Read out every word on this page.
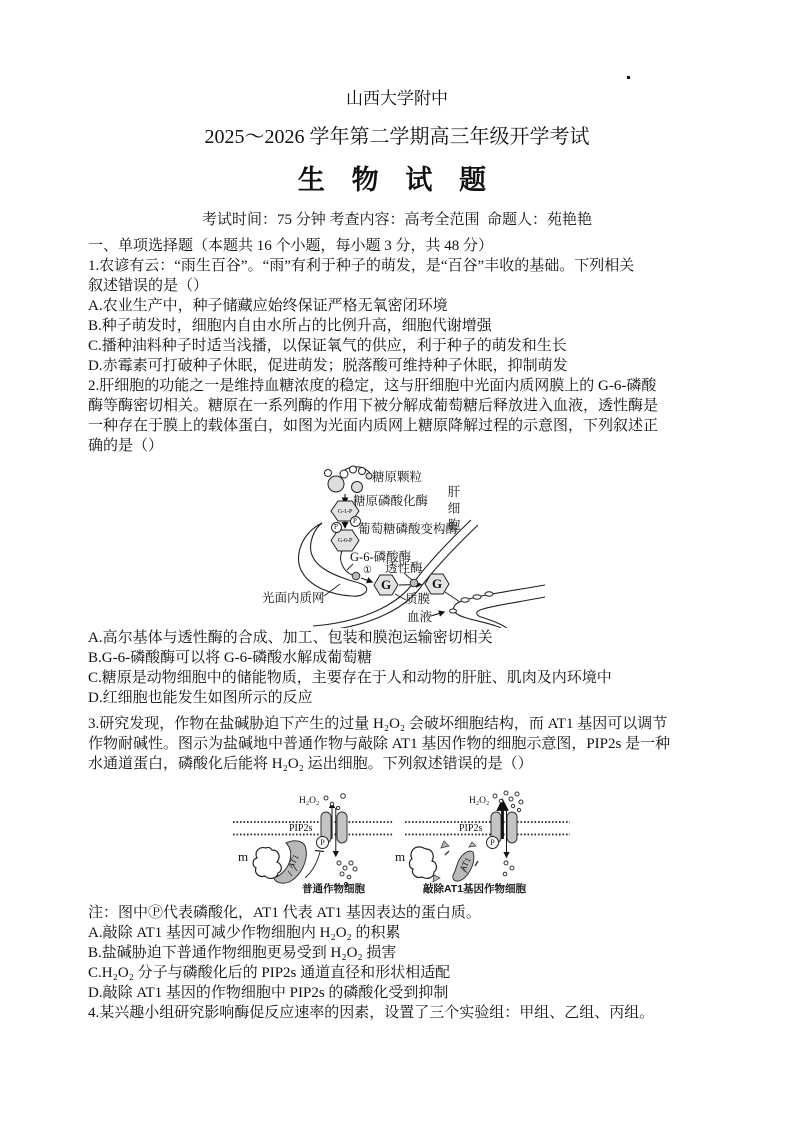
山西大学附中
2025～2026 学年第二学期高三年级开学考试
生 物 试 题
考试时间：75 分钟 考查内容：高考全范围  命题人：苑艳艳
一、单项选择题（本题共 16 个小题，每小题 3 分，共 48 分）
1.农谚有云：“雨生百谷”。“雨”有利于种子的萌发，是“百谷”丰收的基础。下列相关
叙述错误的是（）
A.农业生产中，种子储藏应始终保证严格无氧密闭环境
B.种子萌发时，细胞内自由水所占的比例升高，细胞代谢增强
C.播种油料种子时适当浅播，以保证氧气的供应，利于种子的萌发和生长
D.赤霉素可打破种子休眠，促进萌发；脱落酸可维持种子休眠，抑制萌发
2.肝细胞的功能之一是维持血糖浓度的稳定，这与肝细胞中光面内质网膜上的 G-6-磷酸
酶等酶密切相关。糖原在一系列酶的作用下被分解成葡萄糖后释放进入血液，透性酶是
一种存在于膜上的载体蛋白，如图为光面内质网上糖原降解过程的示意图，下列叙述正
确的是（）
糖原颗粒
糖原磷酸化酶
G-1-P
P
P 葡萄糖磷酸变构酶
G-6-P
G-6-磷酸酶
透性酶
①
G	G
光面内质网	质膜
血液
肝细胞
A.高尔基体与透性酶的合成、加工、包装和膜泡运输密切相关
B.G-6-磷酸酶可以将 G-6-磷酸水解成葡萄糖
C.糖原是动物细胞中的储能物质，主要存在于人和动物的肝脏、肌肉及内环境中
D.红细胞也能发生如图所示的反应
3.研究发现，作物在盐碱胁迫下产生的过量 H₂O₂ 会破坏细胞结构，而 AT1 基因可以调节
作物耐碱性。图示为盐碱地中普通作物与敲除 AT1 基因作物的细胞示意图，PIP2s 是一种
水通道蛋白，磷酸化后能将 H₂O₂ 运出细胞。下列叙述错误的是（）
H₂O₂
PIP2s
P
m	AT1
普通作物细胞
H₂O₂
PIP2s
P
m	AT1
敲除AT1基因作物细胞
注：图中Ⓟ代表磷酸化，AT1 代表 AT1 基因表达的蛋白质。
A.敲除 AT1 基因可减少作物细胞内 H₂O₂ 的积累
B.盐碱胁迫下普通作物细胞更易受到 H₂O₂ 损害
C.H₂O₂ 分子与磷酸化后的 PIP2s 通道直径和形状相适配
D.敲除 AT1 基因的作物细胞中 PIP2s 的磷酸化受到抑制
4.某兴趣小组研究影响酶促反应速率的因素，设置了三个实验组：甲组、乙组、丙组。
